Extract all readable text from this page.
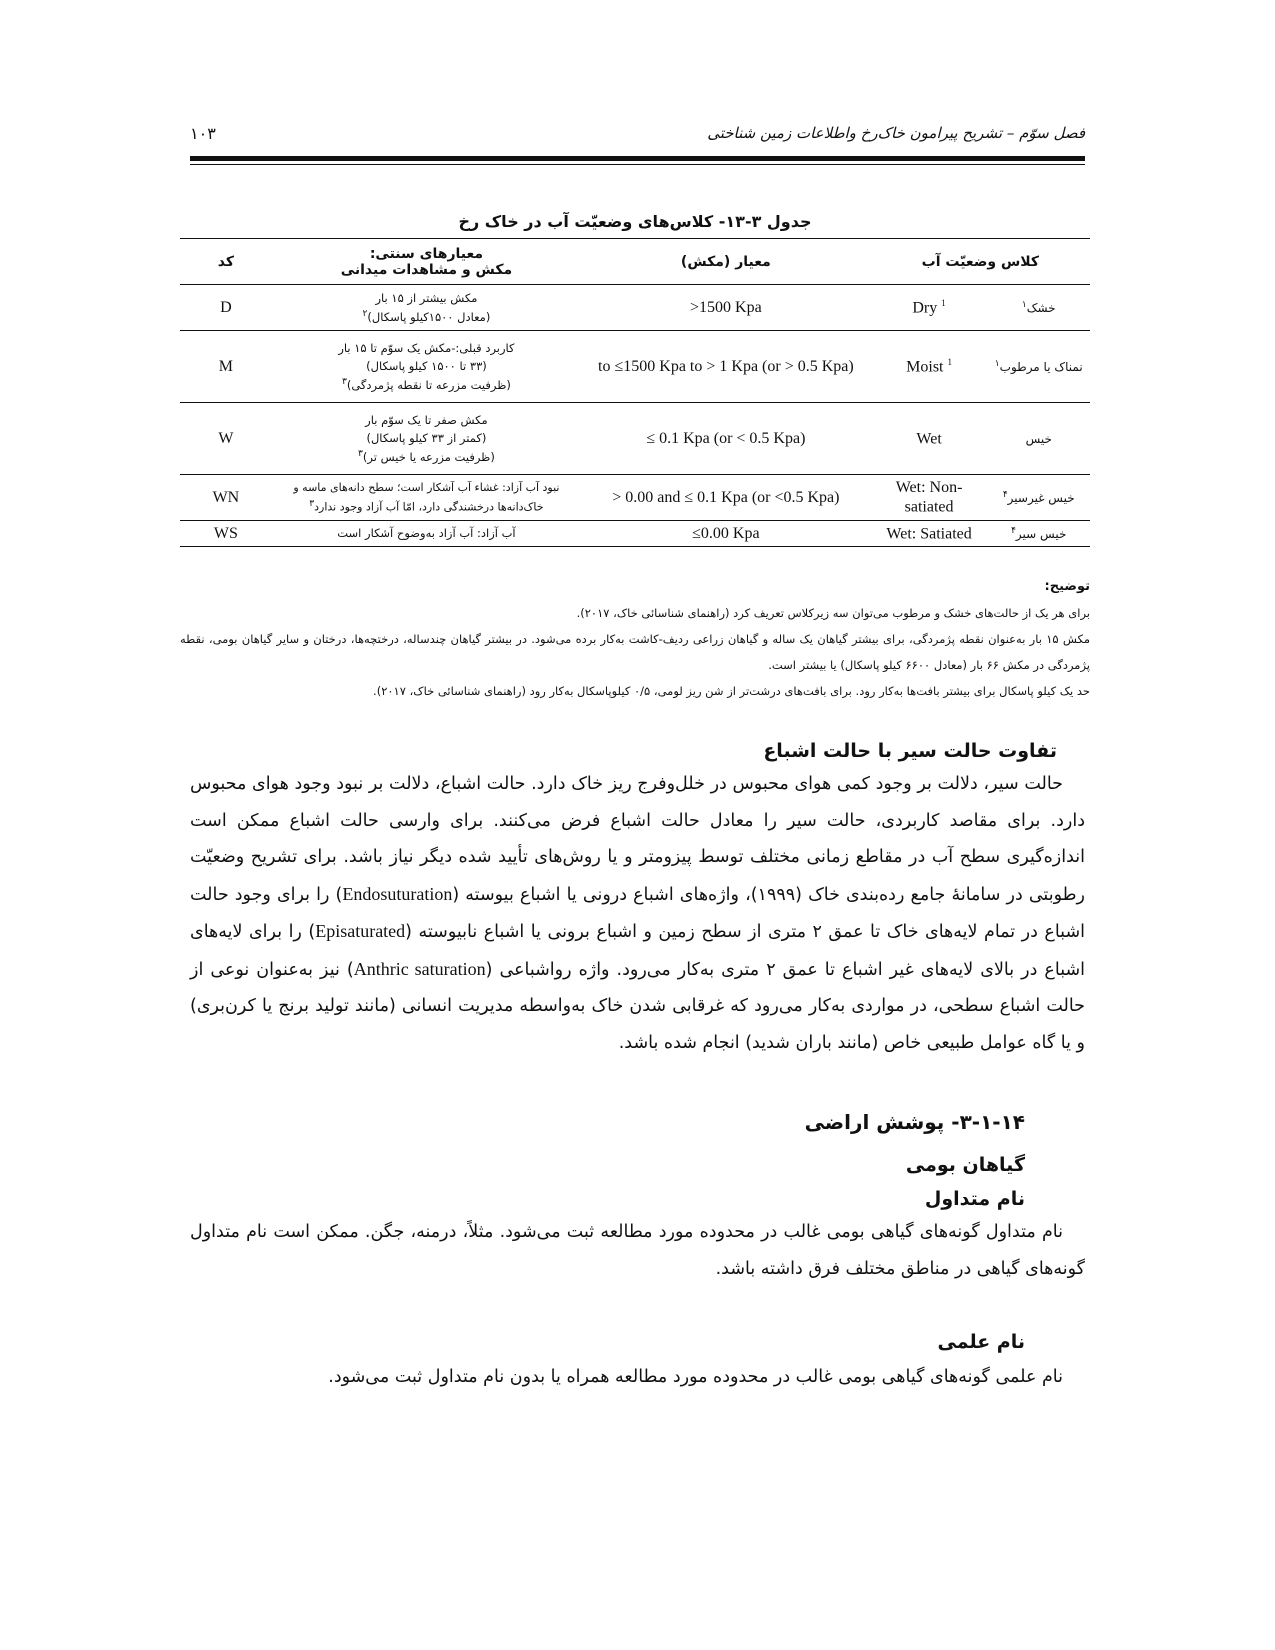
فصل سوّم – تشریح پیرامون خاک‌رخ واطلاعات زمین شناختی
۱۰۳
جدول ۳-۱۳- کلاس‌های وضعیّت آب در خاک رخ
کلاس وضعیّت آب		معیار (مکش)	معیارهای سنتی:
مکش و مشاهدات میدانی	کد
خشک$^۱$	Dry $^1$	>1500 Kpa	مکش بیشتر از ۱۵ بار
(معادل ۱۵۰۰کیلو پاسکال)$^۲$	D
نمناک یا مرطوب$^۱$	Moist $^1$	to ≤1500 Kpa to > 1 Kpa (or > 0.5 Kpa)	کاربرد قبلی:-مکش یک سوّم تا ۱۵ بار
(۳۳ تا ۱۵۰۰ کیلو پاسکال)
(ظرفیت مزرعه تا نقطه پژمردگی)$^۳$	M
خیس	Wet	≤ 0.1 Kpa (or < 0.5 Kpa)	مکش صفر تا یک سوّم بار
(کمتر از ۳۳ کیلو پاسکال)
(ظرفیت مزرعه یا خیس تر)$^۳$	W
خیس غیرسیر$^۴$	Wet: Non-satiated	> 0.00 and ≤ 0.1 Kpa (or <0.5 Kpa)	نبود آب آزاد: غشاء آب آشکار است؛ سطح دانه‌های ماسه و
خاک‌دانه‌ها درخشندگی دارد، امّا آب آزاد وجود ندارد$^۳$	WN
خیس سیر$^۴$	Wet: Satiated	≤0.00 Kpa	آب آزاد: آب آزاد به‌وضوح آشکار است	WS
توضیح:
برای هر یک از حالت‌های خشک و مرطوب می‌توان سه زیرکلاس تعریف کرد (راهنمای شناسائی خاک، ۲۰۱۷).
مکش ۱۵ بار به‌عنوان نقطه پژمردگی، برای بیشتر گیاهان یک ساله و گیاهان زراعی ردیف-کاشت به‌کار برده می‌شود. در بیشتر گیاهان چندساله، درختچه‌ها، درختان و سایر گیاهان بومی، نقطه پژمردگی در مکش ۶۶ بار (معادل ۶۶۰۰ کیلو پاسکال) یا بیشتر است.
حد یک کیلو پاسکال برای بیشتر بافت‌ها به‌کار رود. برای بافت‌های درشت‌تر از شن ریز لومی، ۰/۵ کیلوپاسکال به‌کار رود (راهنمای شناسائی خاک، ۲۰۱۷).
تفاوت حالت سیر با حالت اشباع
حالت سیر، دلالت بر وجود کمی هوای محبوس در خلل‌وفرج ریز خاک دارد. حالت اشباع، دلالت بر نبود وجود هوای محبوس دارد. برای مقاصد کاربردی، حالت سیر را معادل حالت اشباع فرض می‌کنند. برای وارسی حالت اشباع ممکن است اندازه‌گیری سطح آب در مقاطع زمانی مختلف توسط پیزومتر و یا روش‌های تأیید شده دیگر نیاز باشد. برای تشریح وضعیّت رطوبتی در سامانهٔ جامع رده‌بندی خاک (۱۹۹۹)، واژه‌های اشباع درونی یا اشباع بیوسته (Endosuturation) را برای وجود حالت اشباع در تمام لایه‌های خاک تا عمق ۲ متری از سطح زمین و اشباع برونی یا اشباع نابیوسته (Episaturated) را برای لایه‌های اشباع در بالای لایه‌های غیر اشباع تا عمق ۲ متری به‌کار می‌رود. واژه رواشباعی (Anthric saturation) نیز به‌عنوان نوعی از حالت اشباع سطحی، در مواردی به‌کار می‌رود که غرقابی شدن خاک به‌واسطه مدیریت انسانی (مانند تولید برنج یا کرن‌بری) و یا گاه عوامل طبیعی خاص (مانند باران شدید) انجام شده باشد.
۳-۱-۱۴- پوشش اراضی
گیاهان بومی
نام متداول
نام متداول گونه‌های گیاهی بومی غالب در محدوده مورد مطالعه ثبت می‌شود. مثلاً، درمنه، جگن. ممکن است نام متداول گونه‌های گیاهی در مناطق مختلف فرق داشته باشد.
نام علمی
نام علمی گونه‌های گیاهی بومی غالب در محدوده مورد مطالعه همراه یا بدون نام متداول ثبت می‌شود.
